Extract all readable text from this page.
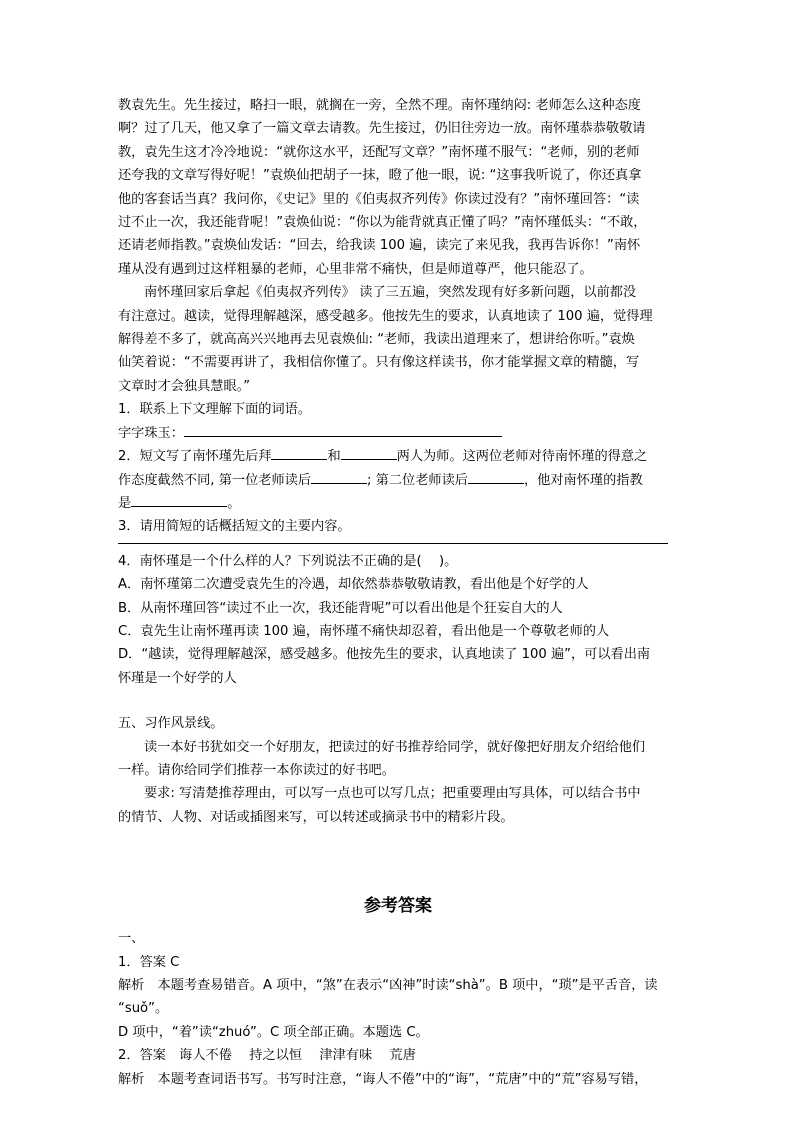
教袁先生。先生接过，略扫一眼，就搁在一旁，全然不理。南怀瑾纳闷: 老师怎么这种态度
啊？过了几天，他又拿了一篇文章去请教。先生接过，仍旧往旁边一放。南怀瑾恭恭敬敬请
教，袁先生这才冷冷地说：“就你这水平，还配写文章？”南怀瑾不服气：“老师，别的老师
还夸我的文章写得好呢！”袁焕仙把胡子一抹，瞪了他一眼，说: “这事我听说了，你还真拿
他的客套话当真？我问你，《史记》里的《伯夷叔齐列传》你读过没有？”南怀瑾回答：“读
过不止一次，我还能背呢！”袁焕仙说：“你以为能背就真正懂了吗？”南怀瑾低头：“不敢，
还请老师指教。”袁焕仙发话：“回去，给我读 100 遍，读完了来见我，我再告诉你！”南怀
瑾从没有遇到过这样粗暴的老师，心里非常不痛快，但是师道尊严，他只能忍了。
南怀瑾回家后拿起《伯夷叔齐列传》 读了三五遍，突然发现有好多新问题，以前都没
有注意过。越读，觉得理解越深，感受越多。他按先生的要求，认真地读了 100 遍，觉得理
解得差不多了，就高高兴兴地再去见袁焕仙: “老师，我读出道理来了，想讲给你听。”袁焕
仙笑着说：“不需要再讲了，我相信你懂了。只有像这样读书，你才能掌握文章的精髓，写
文章时才会独具慧眼。”
1．联系上下文理解下面的词语。
字字珠玉：
2．短文写了南怀瑾先后拜	和	两人为师。这两位老师对待南怀瑾的得意之
作态度截然不同, 第一位老师读后	; 第二位老师读后	，他对南怀瑾的指教
是	。
3．请用简短的话概括短文的主要内容。
4．南怀瑾是一个什么样的人？下列说法不正确的是(　 )。
A．南怀瑾第二次遭受袁先生的冷遇，却依然恭恭敬敬请教，看出他是个好学的人
B．从南怀瑾回答“读过不止一次，我还能背呢”可以看出他是个狂妄自大的人
C．袁先生让南怀瑾再读 100 遍，南怀瑾不痛快却忍着，看出他是一个尊敬老师的人
D．“越读，觉得理解越深，感受越多。他按先生的要求，认真地读了 100 遍”，可以看出南
怀瑾是一个好学的人
五、习作风景线。
读一本好书犹如交一个好朋友，把读过的好书推荐给同学，就好像把好朋友介绍给他们
一样。请你给同学们推荐一本你读过的好书吧。
要求: 写清楚推荐理由，可以写一点也可以写几点；把重要理由写具体，可以结合书中
的情节、人物、对话或插图来写，可以转述或摘录书中的精彩片段。
参考答案
一、
1．答案 C
解析　本题考查易错音。A 项中，“煞”在表示“凶神”时读“shà”。B 项中，“琐”是平舌音，读
“suǒ”。
D 项中，“着”读“zhuó”。C 项全部正确。本题选 C。
2．答案　诲人不倦　 持之以恒　 津津有味　 荒唐
解析　本题考查词语书写。书写时注意，“诲人不倦”中的“诲”，“荒唐”中的“荒”容易写错，
